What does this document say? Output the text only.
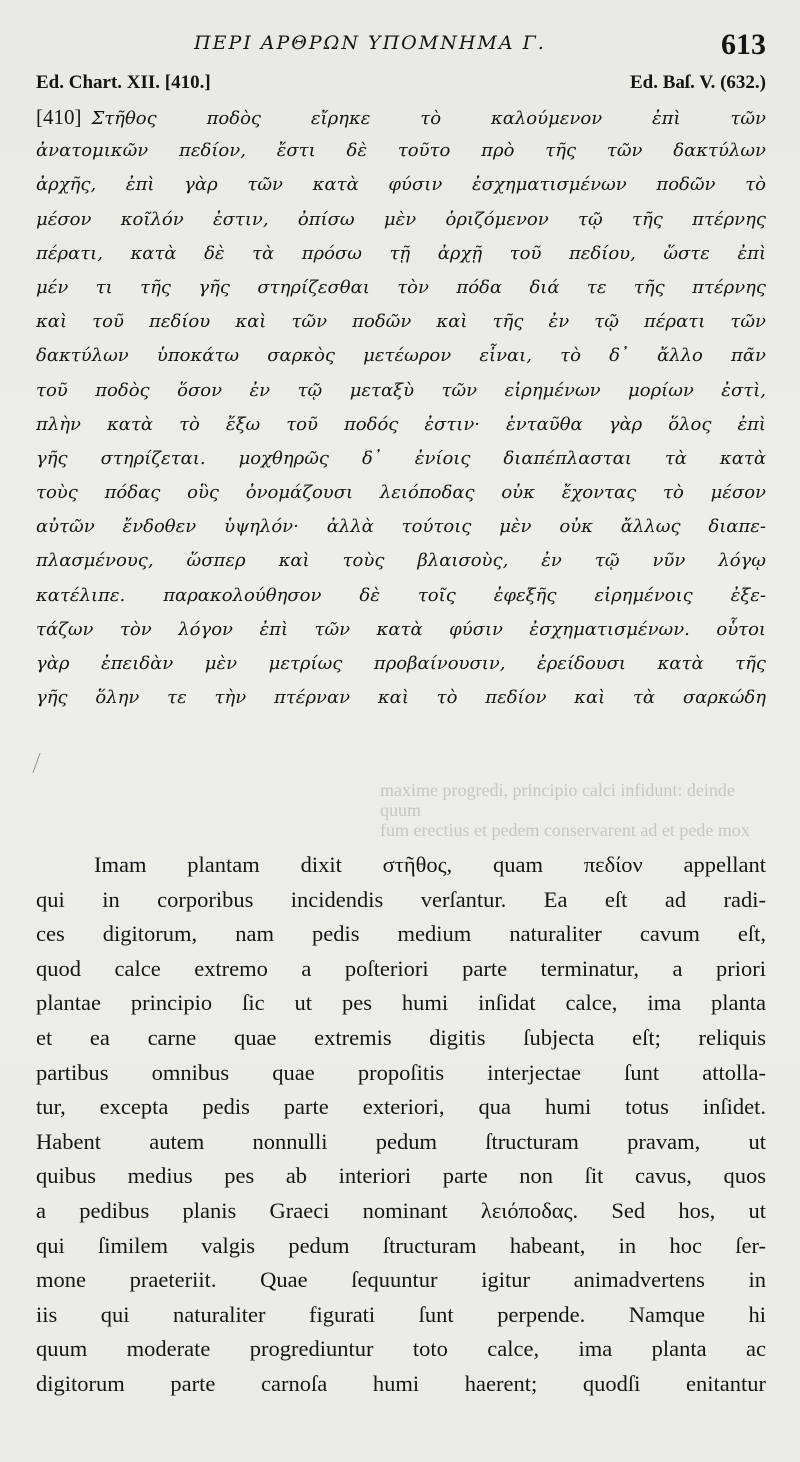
ΠΕΡΙ ΑΡΘΡΩΝ ΥΠΟΜΝΗΜΑ Γ.	613
Ed. Chart. XII. [410.]	Ed. Baſ. V. (632.)
[410] Στῆθος ποδὸς εἴρηκε τὸ καλούμενον ἐπὶ τῶν
ἀνατομικῶν πεδίον, ἔστι δὲ τοῦτο πρὸ τῆς τῶν δακτύλων
ἀρχῆς, ἐπὶ γὰρ τῶν κατὰ φύσιν ἐσχηματισμένων ποδῶν τὸ
μέσον κοῖλόν ἐστιν, ὀπίσω μὲν ὁριζόμενον τῷ τῆς πτέρνης
πέρατι, κατὰ δὲ τὰ πρόσω τῇ ἀρχῇ τοῦ πεδίου, ὥστε ἐπὶ
μέν τι τῆς γῆς στηρίζεσθαι τὸν πόδα διά τε τῆς πτέρνης
καὶ τοῦ πεδίου καὶ τῶν ποδῶν καὶ τῆς ἐν τῷ πέρατι τῶν
δακτύλων ὑποκάτω σαρκὸς μετέωρον εἶναι, τὸ δ᾽ ἄλλο πᾶν
τοῦ ποδὸς ὅσον ἐν τῷ μεταξὺ τῶν εἰρημένων μορίων ἐστὶ,
πλὴν κατὰ τὸ ἔξω τοῦ ποδός ἐστιν· ἐνταῦθα γὰρ ὅλος ἐπὶ
γῆς στηρίζεται. μοχθηρῶς δ᾽ ἐνίοις διαπέπλασται τὰ κατὰ
τοὺς πόδας οὓς ὀνομάζουσι λειόποδας οὐκ ἔχοντας τὸ μέσον
αὐτῶν ἔνδοθεν ὑψηλόν· ἀλλὰ τούτοις μὲν οὐκ ἄλλως διαπε-
πλασμένους, ὥσπερ καὶ τοὺς βλαισοὺς, ἐν τῷ νῦν λόγῳ
κατέλιπε. παρακολούθησον δὲ τοῖς ἐφεξῆς εἰρημένοις ἐξε-
τάζων τὸν λόγον ἐπὶ τῶν κατὰ φύσιν ἐσχηματισμένων. οὗτοι
γὰρ ἐπειδὰν μὲν μετρίως προβαίνουσιν, ἐρείδουσι κατὰ τῆς
γῆς ὅλην τε τὴν πτέρναν καὶ τὸ πεδίον καὶ τὰ σαρκώδη
maxime progredi, principio calci infidunt: deinde quum
fum erectius et pedem conservarent ad et pede mox
Imam plantam dixit στῆθος, quam πεδίον appellant
qui in corporibus incidendis verſantur. Ea eſt ad radi-
ces digitorum, nam pedis medium naturaliter cavum eſt,
quod calce extremo a poſteriori parte terminatur, a priori
plantae principio ſic ut pes humi inſidat calce, ima planta
et ea carne quae extremis digitis ſubjecta eſt; reliquis
partibus omnibus quae propoſitis interjectae ſunt attolla-
tur, excepta pedis parte exteriori, qua humi totus inſidet.
Habent autem nonnulli pedum ſtructuram pravam, ut
quibus medius pes ab interiori parte non ſit cavus, quos
a pedibus planis Graeci nominant λειόποδας. Sed hos, ut
qui ſimilem valgis pedum ſtructuram habeant, in hoc ſer-
mone praeteriit. Quae ſequuntur igitur animadvertens in
iis qui naturaliter figurati ſunt perpende. Namque hi
quum moderate progrediuntur toto calce, ima planta ac
digitorum parte carnoſa humi haerent; quodſi enitantur
